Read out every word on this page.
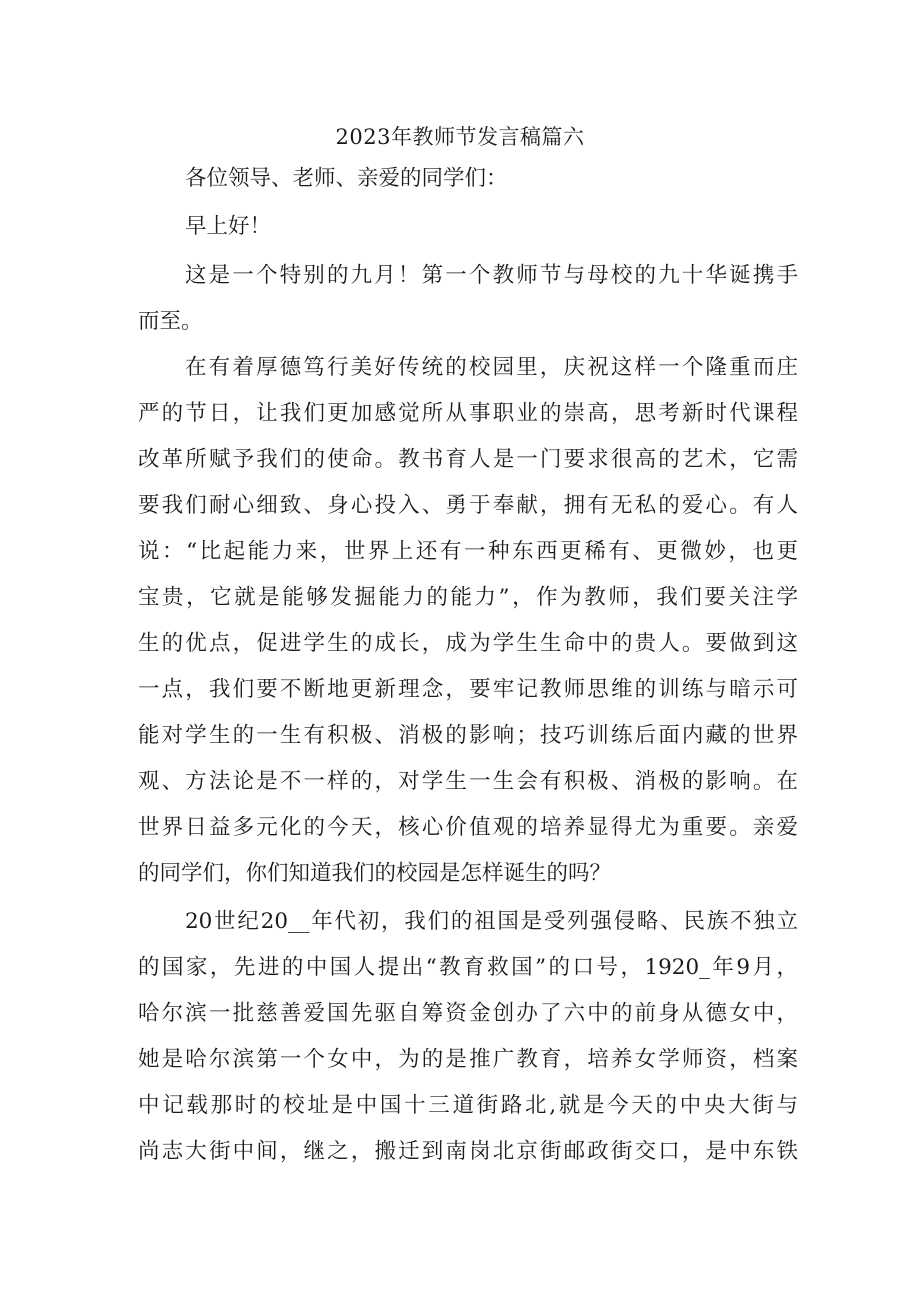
2023年教师节发言稿篇六
各位领导、老师、亲爱的同学们：
早上好！
这是一个特别的九月！第一个教师节与母校的九十华诞携手
而至。
在有着厚德笃行美好传统的校园里，庆祝这样一个隆重而庄
严的节日，让我们更加感觉所从事职业的崇高，思考新时代课程
改革所赋予我们的使命。教书育人是一门要求很高的艺术，它需
要我们耐心细致、身心投入、勇于奉献，拥有无私的爱心。有人
说：“比起能力来，世界上还有一种东西更稀有、更微妙，也更
宝贵，它就是能够发掘能力的能力”，作为教师，我们要关注学
生的优点，促进学生的成长，成为学生生命中的贵人。要做到这
一点，我们要不断地更新理念，要牢记教师思维的训练与暗示可
能对学生的一生有积极、消极的影响；技巧训练后面内藏的世界
观、方法论是不一样的，对学生一生会有积极、消极的影响。在
世界日益多元化的今天，核心价值观的培养显得尤为重要。亲爱
的同学们，你们知道我们的校园是怎样诞生的吗？
20世纪20__年代初，我们的祖国是受列强侵略、民族不独立
的国家，先进的中国人提出“教育救国”的口号，1920_年9月，
哈尔滨一批慈善爱国先驱自筹资金创办了六中的前身从德女中，
她是哈尔滨第一个女中，为的是推广教育，培养女学师资，档案
中记载那时的校址是中国十三道街路北,就是今天的中央大街与
尚志大街中间，继之，搬迁到南岗北京街邮政街交口，是中东铁
